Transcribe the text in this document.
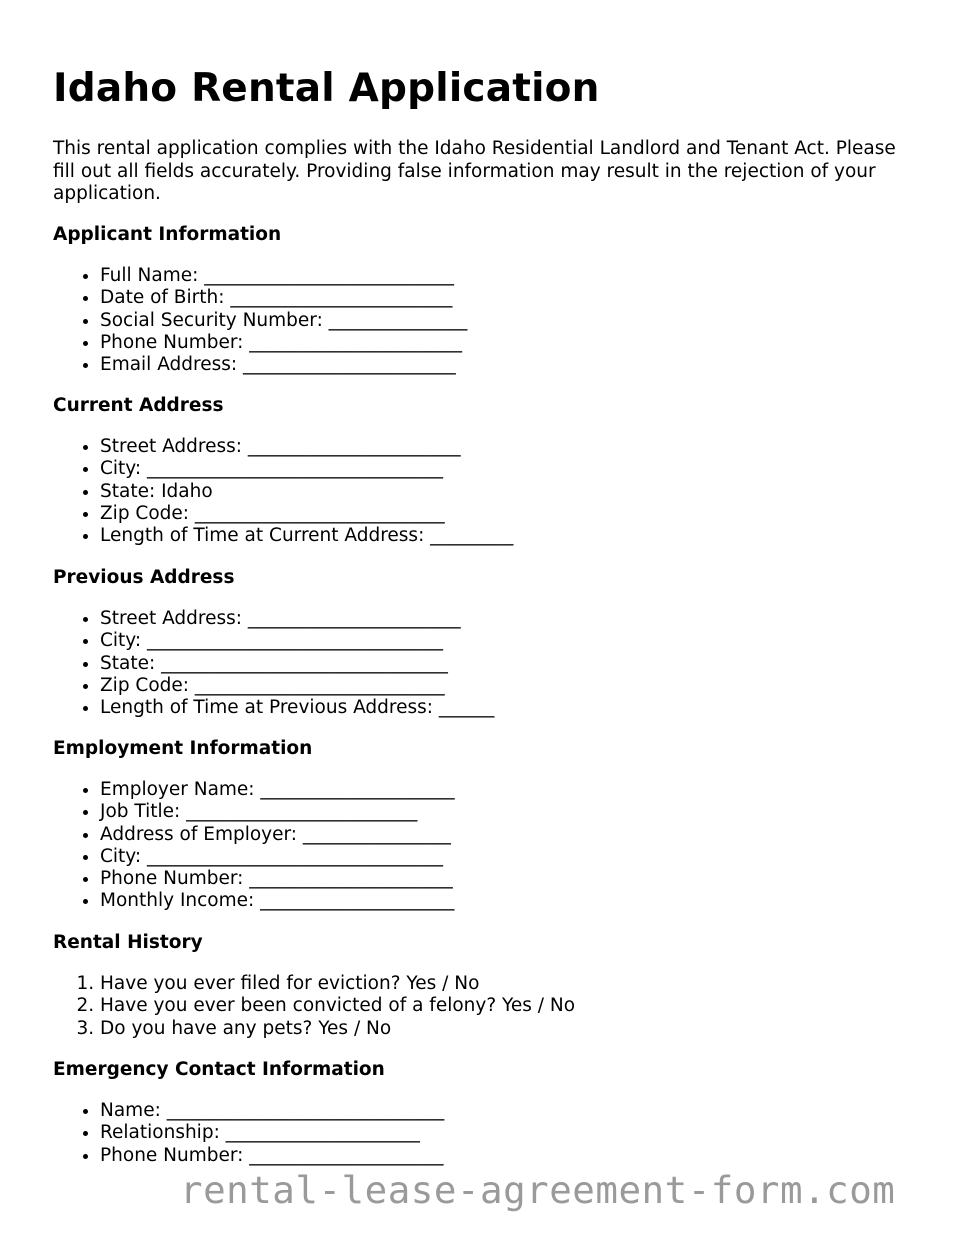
Idaho Rental Application

This rental application complies with the Idaho Residential Landlord and Tenant Act. Please fill out all fields accurately. Providing false information may result in the rejection of your application.

Applicant Information
• Full Name: ___________________________
• Date of Birth: ________________________
• Social Security Number: _______________
• Phone Number: _______________________
• Email Address: _______________________
Current Address
• Street Address: _______________________
• City: ________________________________
• State: Idaho
• Zip Code: ___________________________
• Length of Time at Current Address: _________
Previous Address
• Street Address: _______________________
• City: ________________________________
• State: _______________________________
• Zip Code: ___________________________
• Length of Time at Previous Address: ______
Employment Information
• Employer Name: _____________________
• Job Title: _________________________
• Address of Employer: ________________
• City: ________________________________
• Phone Number: ______________________
• Monthly Income: _____________________
Rental History
1. Have you ever filed for eviction? Yes / No
2. Have you ever been convicted of a felony? Yes / No
3. Do you have any pets? Yes / No
Emergency Contact Information
• Name: ______________________________
• Relationship: _____________________
• Phone Number: _____________________
rental-lease-agreement-form.com
